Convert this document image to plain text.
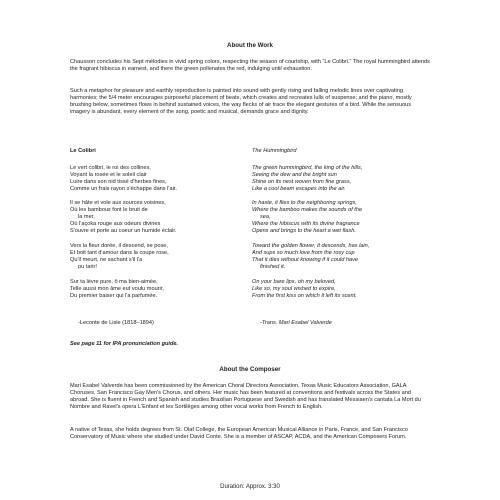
About the Work

Chausson concludes his Sept mélodies in vivid spring colors, respecting the season of courtship, with “Le Colibri.” The royal hummingbird attends the fragrant hibiscus in earnest, and there the green pollenates the red, indulging until exhaustion.

Such a metaphor for pleasure and earthly reproduction is painted into sound with gently rising and falling melodic lines over captivating harmonies; the 5/4 meter encourages purposeful placement of beats, which creates and recreates lulls of suspense; and the piano, mostly brushing below, sometimes flows in behind sustained voices, the way flecks of air trace the elegant gestures of a bird. While the sensuous imagery is abundant, every element of the song, poetic and musical, demands grace and dignity.

Le Colibri
Le vert colibri, le roi des collines,
Voyant la rosée et le soleil clair
Luire dans son nid tissé d'herbes fines,
Comme un frais rayon s'échappe dans l'air.
Il se hâte et vole aux sources voisines,
Où les bambous font le bruit de
la mer,
Où l'açoka rouge aux odeurs divines
S'ouvre et porte au coeur un humide éclair.
Vers la fleur dorée, il descend, se pose,
Et boit tant d'amour dans la coupe rose,
Qu'il meurt, ne sachant s'il l'a
pu tarir!
Sur ta lèvre pure, ô ma bien-aimée,
Telle aussi mon âme eut voulu mourir,
Du premier baiser qui l'a parfumée.
-Leconte de Lisle (1818–1894)
The Hummingbird
The green hummingbird, the king of the hills,
Seeing the dew and the bright sun
Shine on its nest woven from fine grass,
Like a cool beam escapes into the air.
In haste, it flies to the neighboring springs,
Where the bamboo makes the sounds of the
sea,
Where the hibiscus with its divine fragrance
Opens and brings to the heart a wet flash.
Toward the golden flower, it descends, has lain,
And sups so much love from the rosy cup
That it dies without knowing if it could have
finished it.
On your bare lips, oh my beloved,
Like so, my soul wished to expire,
From the first kiss on which it left its scent.
-Trans. Mari Esabel Valverde
See page 11 for IPA pronunciation guide.
About the Composer

Mari Esabel Valverde has been commissioned by the American Choral Directors Association, Texas Music Educators Association, GALA Choruses, San Francisco Gay Men's Chorus, and others. Her music has been featured at conventions and festivals across the States and abroad. She is fluent in French and Spanish and studies Brazilian Portuguese and Swedish and has translated Messiaen's cantata La Mort du Nombre and Ravel's opera L'Enfant et les Sortilèges among other vocal works from French to English.

A native of Texas, she holds degrees from St. Olaf College, the European American Musical Alliance in Paris, France, and San Francisco Conservatory of Music where she studied under David Conte. She is a member of ASCAP, ACDA, and the American Composers Forum.

Duration: Approx. 3:30
